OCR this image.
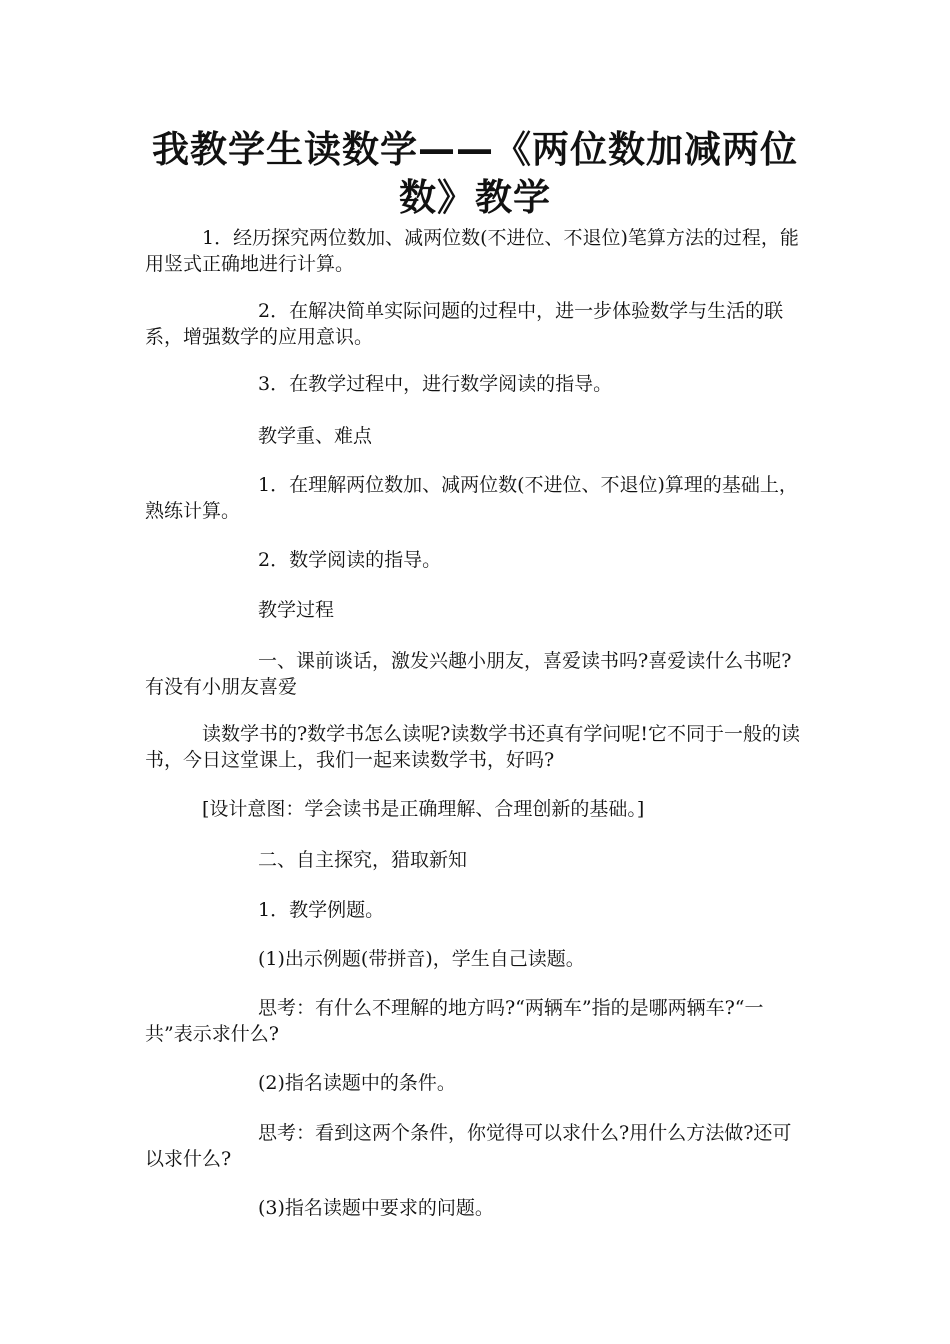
我教学生读数学——《两位数加减两位数》教学

1．经历探究两位数加、减两位数(不进位、不退位)笔算方法的过程，能用竖式正确地进行计算。

2．在解决简单实际问题的过程中，进一步体验数学与生活的联系，增强数学的应用意识。

3．在教学过程中，进行数学阅读的指导。

教学重、难点

1．在理解两位数加、减两位数(不进位、不退位)算理的基础上，熟练计算。

2．数学阅读的指导。

教学过程

一、课前谈话，激发兴趣小朋友，喜爱读书吗?喜爱读什么书呢?有没有小朋友喜爱

读数学书的?数学书怎么读呢?读数学书还真有学问呢!它不同于一般的读书，今日这堂课上，我们一起来读数学书，好吗?

[设计意图：学会读书是正确理解、合理创新的基础。]

二、自主探究，猎取新知

1．教学例题。

(1)出示例题(带拼音)，学生自己读题。

思考：有什么不理解的地方吗?“两辆车”指的是哪两辆车?“一共”表示求什么?

(2)指名读题中的条件。

思考：看到这两个条件，你觉得可以求什么?用什么方法做?还可以求什么?

(3)指名读题中要求的问题。
